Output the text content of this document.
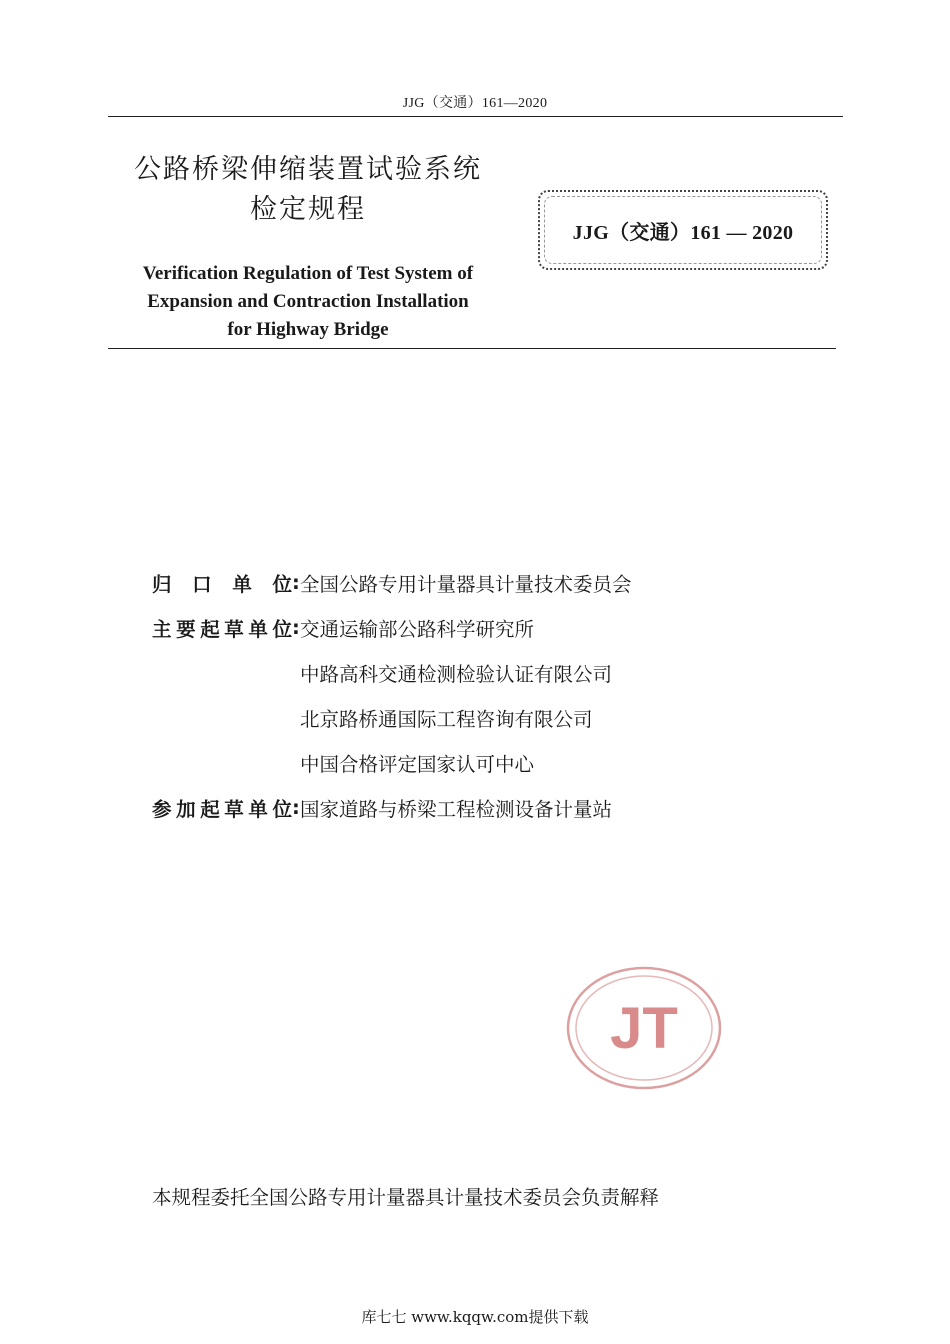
JJG（交通）161—2020
公路桥梁伸缩装置试验系统
检定规程
Verification Regulation of Test System of
Expansion and Contraction Installation
for Highway Bridge
JJG（交通）161 — 2020
归 口 单 位 : 全国公路专用计量器具计量技术委员会
主 要 起 草 单 位 : 交通运输部公路科学研究所
中路高科交通检测检验认证有限公司
北京路桥通国际工程咨询有限公司
中国合格评定国家认可中心
参 加 起 草 单 位 : 国家道路与桥梁工程检测设备计量站
JT
本规程委托全国公路专用计量器具计量技术委员会负责解释
库七七 www.kqqw.com提供下载
